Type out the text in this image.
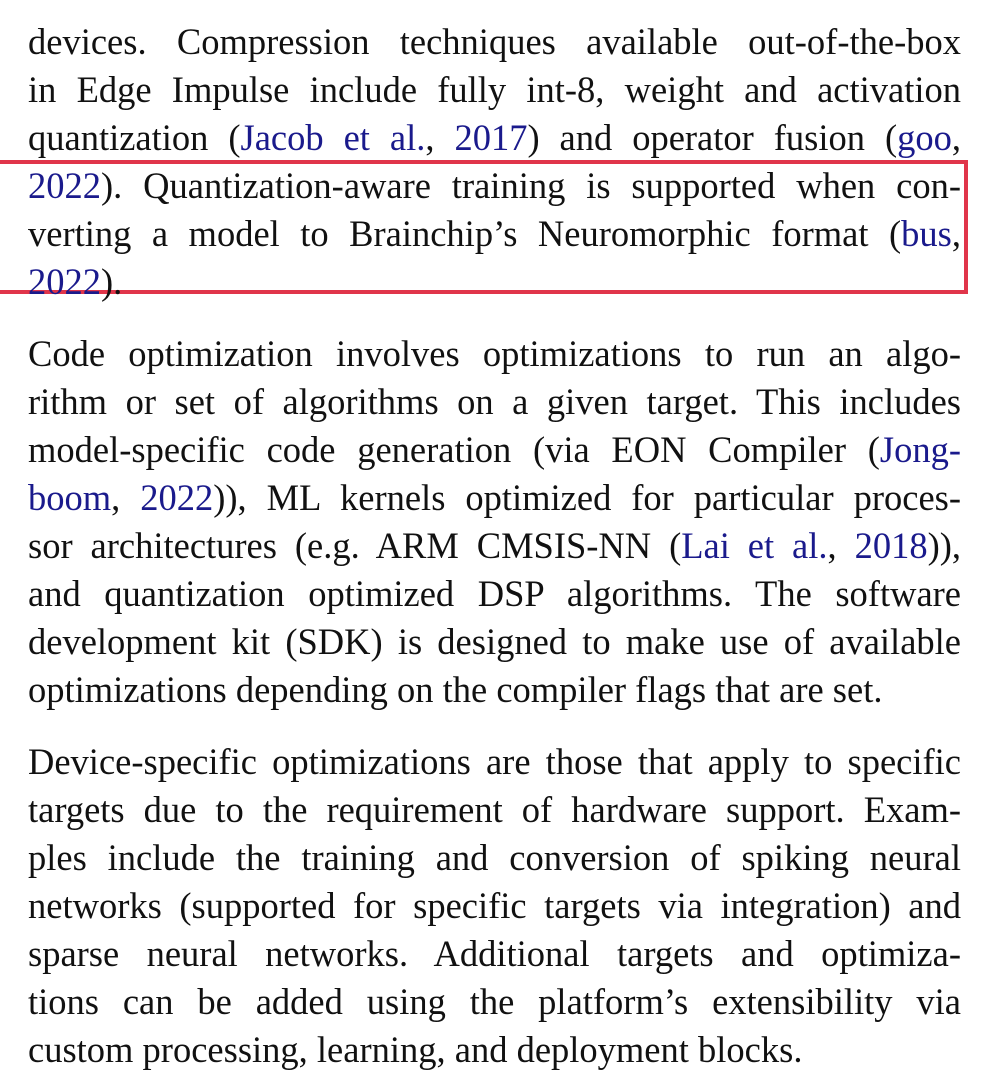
devices. Compression techniques available out-of-the-box
in Edge Impulse include fully int-8, weight and activation
quantization (Jacob et al., 2017) and operator fusion (goo,
2022). Quantization-aware training is supported when con-
verting a model to Brainchip’s Neuromorphic format (bus,
2022).
Code optimization involves optimizations to run an algo-
rithm or set of algorithms on a given target. This includes
model-specific code generation (via EON Compiler (Jong-
boom, 2022)), ML kernels optimized for particular proces-
sor architectures (e.g. ARM CMSIS-NN (Lai et al., 2018)),
and quantization optimized DSP algorithms. The software
development kit (SDK) is designed to make use of available
optimizations depending on the compiler flags that are set.
Device-specific optimizations are those that apply to specific
targets due to the requirement of hardware support. Exam-
ples include the training and conversion of spiking neural
networks (supported for specific targets via integration) and
sparse neural networks. Additional targets and optimiza-
tions can be added using the platform’s extensibility via
custom processing, learning, and deployment blocks.
